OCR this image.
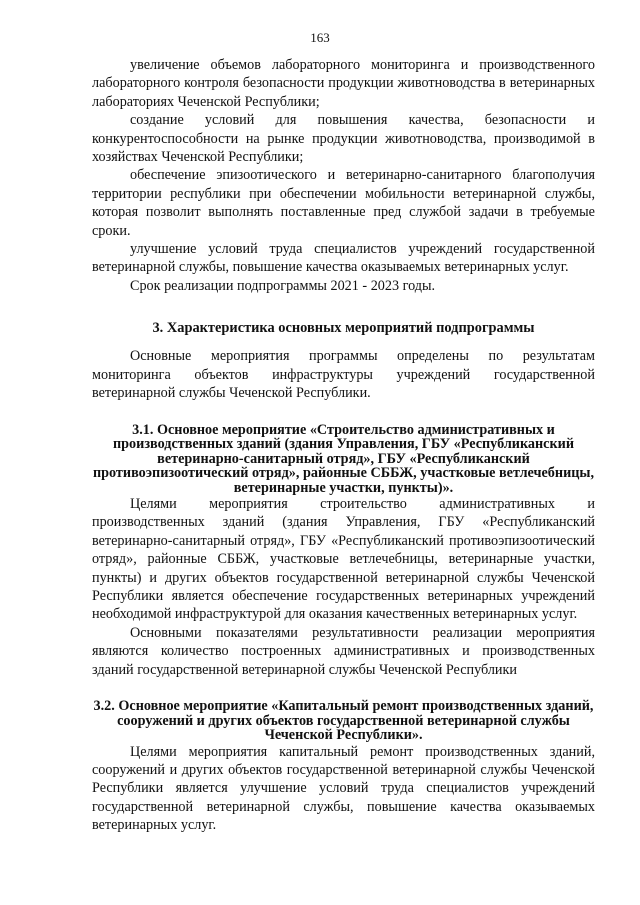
163

увеличение объемов лабораторного мониторинга и производственного лабораторного контроля безопасности продукции животноводства в ветеринарных лабораториях Чеченской Республики;

создание условий для повышения качества, безопасности и конкурентоспособности на рынке продукции животноводства, производимой в хозяйствах Чеченской Республики;

обеспечение эпизоотического и ветеринарно-санитарного благополучия территории республики при обеспечении мобильности ветеринарной службы, которая позволит выполнять поставленные пред службой задачи в требуемые сроки.

улучшение условий труда специалистов учреждений государственной ветеринарной службы, повышение качества оказываемых ветеринарных услуг.

Срок реализации подпрограммы 2021 - 2023 годы.

3. Характеристика основных мероприятий подпрограммы

Основные мероприятия программы определены по результатам мониторинга объектов инфраструктуры учреждений государственной ветеринарной службы Чеченской Республики.

3.1. Основное мероприятие «Строительство административных и производственных зданий (здания Управления, ГБУ «Республиканский ветеринарно-санитарный отряд», ГБУ «Республиканский противоэпизоотический отряд», районные СББЖ, участковые ветлечебницы, ветеринарные участки, пункты)».

Целями мероприятия строительство административных и производственных зданий (здания Управления, ГБУ «Республиканский ветеринарно-санитарный отряд», ГБУ «Республиканский противоэпизоотический отряд», районные СББЖ, участковые ветлечебницы, ветеринарные участки, пункты) и других объектов государственной ветеринарной службы Чеченской Республики является обеспечение государственных ветеринарных учреждений необходимой инфраструктурой для оказания качественных ветеринарных услуг.

Основными показателями результативности реализации мероприятия являются количество построенных административных и производственных зданий государственной ветеринарной службы Чеченской Республики

3.2. Основное мероприятие «Капитальный ремонт производственных зданий, сооружений и других объектов государственной ветеринарной службы Чеченской Республики».

Целями мероприятия капитальный ремонт производственных зданий, сооружений и других объектов государственной ветеринарной службы Чеченской Республики является улучшение условий труда специалистов учреждений государственной ветеринарной службы, повышение качества оказываемых ветеринарных услуг.
